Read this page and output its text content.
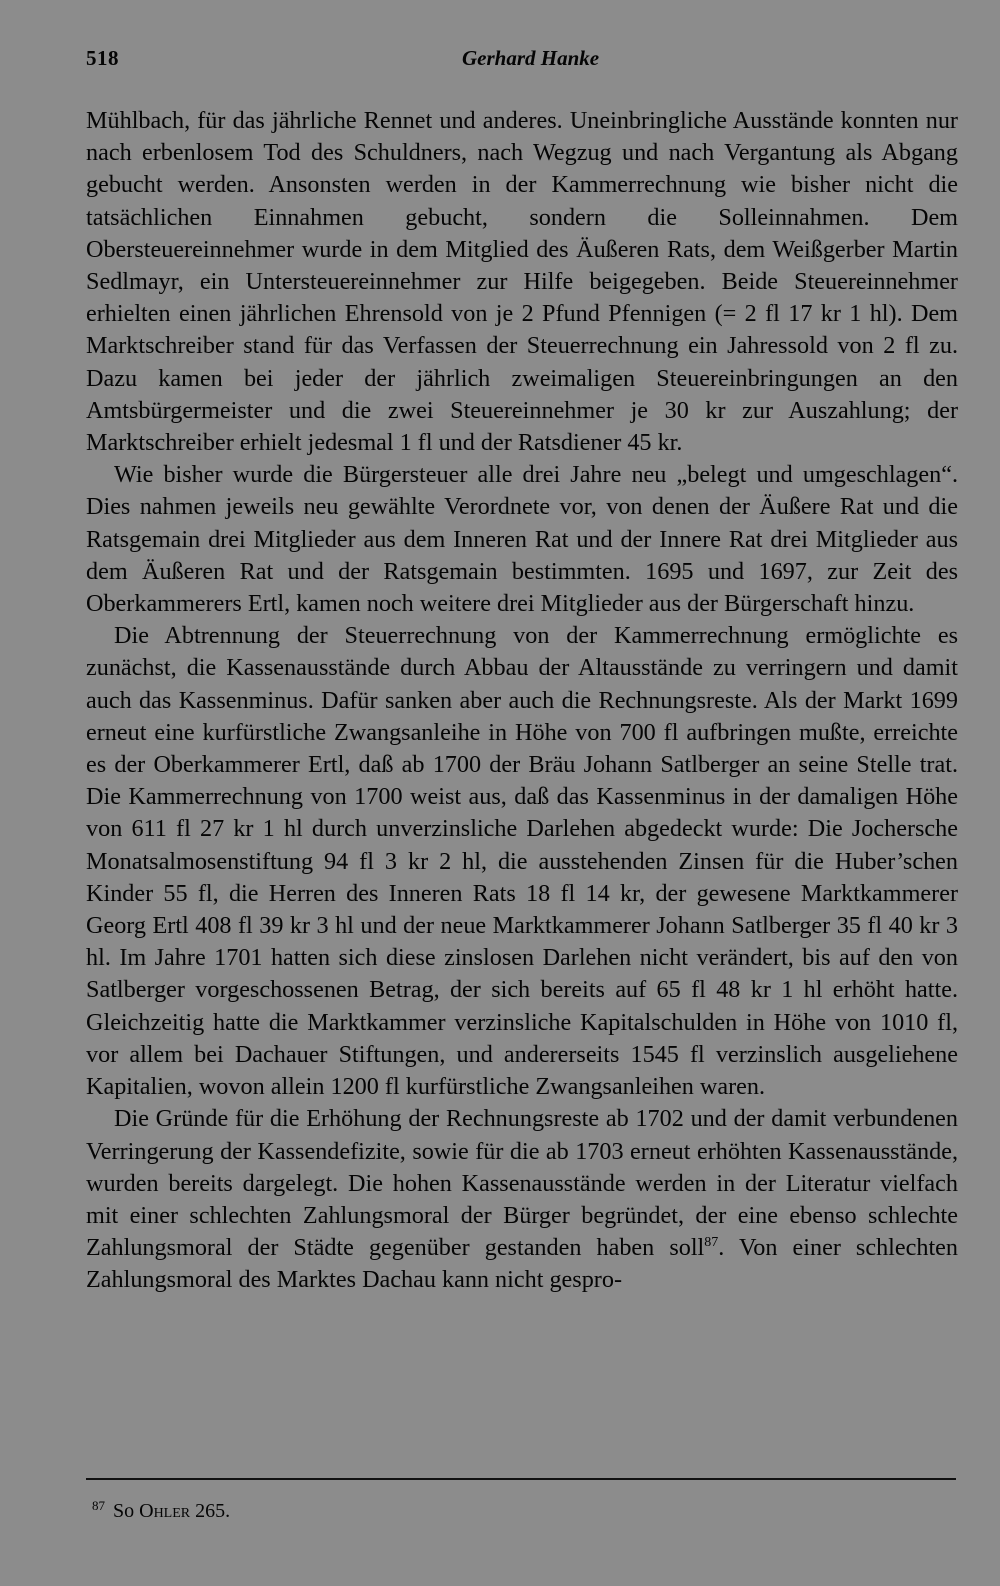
518	Gerhard Hanke

Mühlbach, für das jährliche Rennet und anderes. Uneinbringliche Ausstände konnten nur nach erbenlosem Tod des Schuldners, nach Wegzug und nach Vergantung als Abgang gebucht werden. Ansonsten werden in der Kammerrechnung wie bisher nicht die tatsächlichen Einnahmen gebucht, sondern die Solleinnahmen. Dem Obersteuereinnehmer wurde in dem Mitglied des Äußeren Rats, dem Weißgerber Martin Sedlmayr, ein Untersteuereinnehmer zur Hilfe beigegeben. Beide Steuereinnehmer erhielten einen jährlichen Ehrensold von je 2 Pfund Pfennigen (= 2 fl 17 kr 1 hl). Dem Marktschreiber stand für das Verfassen der Steuerrechnung ein Jahressold von 2 fl zu. Dazu kamen bei jeder der jährlich zweimaligen Steuereinbringungen an den Amtsbürgermeister und die zwei Steuereinnehmer je 30 kr zur Auszahlung; der Marktschreiber erhielt jedesmal 1 fl und der Ratsdiener 45 kr.

Wie bisher wurde die Bürgersteuer alle drei Jahre neu „belegt und umgeschlagen“. Dies nahmen jeweils neu gewählte Verordnete vor, von denen der Äußere Rat und die Ratsgemain drei Mitglieder aus dem Inneren Rat und der Innere Rat drei Mitglieder aus dem Äußeren Rat und der Ratsgemain bestimmten. 1695 und 1697, zur Zeit des Oberkammerers Ertl, kamen noch weitere drei Mitglieder aus der Bürgerschaft hinzu.

Die Abtrennung der Steuerrechnung von der Kammerrechnung ermöglichte es zunächst, die Kassenausstände durch Abbau der Altausstände zu verringern und damit auch das Kassenminus. Dafür sanken aber auch die Rechnungsreste. Als der Markt 1699 erneut eine kurfürstliche Zwangsanleihe in Höhe von 700 fl aufbringen mußte, erreichte es der Oberkammerer Ertl, daß ab 1700 der Bräu Johann Satlberger an seine Stelle trat. Die Kammerrechnung von 1700 weist aus, daß das Kassenminus in der damaligen Höhe von 611 fl 27 kr 1 hl durch unverzinsliche Darlehen abgedeckt wurde: Die Jochersche Monatsalmosenstiftung 94 fl 3 kr 2 hl, die ausstehenden Zinsen für die Huber’schen Kinder 55 fl, die Herren des Inneren Rats 18 fl 14 kr, der gewesene Marktkammerer Georg Ertl 408 fl 39 kr 3 hl und der neue Marktkammerer Johann Satlberger 35 fl 40 kr 3 hl. Im Jahre 1701 hatten sich diese zinslosen Darlehen nicht verändert, bis auf den von Satlberger vorgeschossenen Betrag, der sich bereits auf 65 fl 48 kr 1 hl erhöht hatte. Gleichzeitig hatte die Marktkammer verzinsliche Kapitalschulden in Höhe von 1010 fl, vor allem bei Dachauer Stiftungen, und andererseits 1545 fl verzinslich ausgeliehene Kapitalien, wovon allein 1200 fl kurfürstliche Zwangsanleihen waren.

Die Gründe für die Erhöhung der Rechnungsreste ab 1702 und der damit verbundenen Verringerung der Kassendefizite, sowie für die ab 1703 erneut erhöhten Kassenausstände, wurden bereits dargelegt. Die hohen Kassenausstände werden in der Literatur vielfach mit einer schlechten Zahlungsmoral der Bürger begründet, der eine ebenso schlechte Zahlungsmoral der Städte gegenüber gestanden haben soll$^{87}$. Von einer schlechten Zahlungsmoral des Marktes Dachau kann nicht gespro-

$^{87}$ So Ohler 265.
